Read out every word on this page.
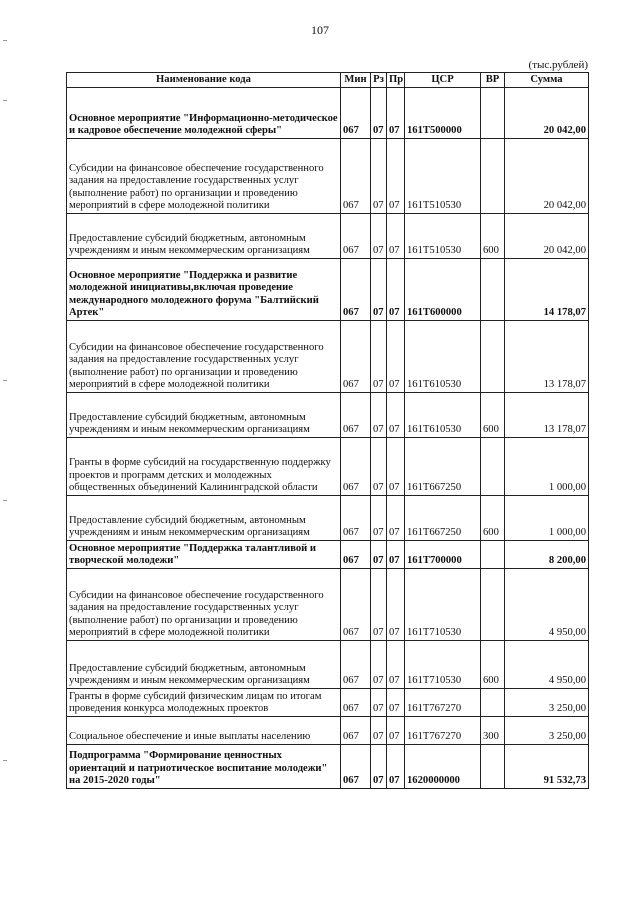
107
(тыс.рублей)
Наименование кода	Мин	Рз	Пр	ЦСР	ВР	Сумма
Основное мероприятие "Информационно-методическое и кадровое обеспечение молодежной сферы"	067	07	07	161Т500000		20 042,00
Субсидии на финансовое обеспечение государственного задания на предоставление государственных услуг (выполнение работ) по организации и проведению мероприятий в сфере молодежной политики	067	07	07	161Т510530		20 042,00
Предоставление субсидий бюджетным, автономным учреждениям и иным некоммерческим организациям	067	07	07	161Т510530	600	20 042,00
Основное мероприятие "Поддержка и развитие молодежной инициативы,включая проведение международного молодежного форума "Балтийский Артек"	067	07	07	161Т600000		14 178,07
Субсидии на финансовое обеспечение государственного задания на предоставление государственных услуг (выполнение работ) по организации и проведению мероприятий в сфере молодежной политики	067	07	07	161Т610530		13 178,07
Предоставление субсидий бюджетным, автономным учреждениям и иным некоммерческим организациям	067	07	07	161Т610530	600	13 178,07
Гранты в форме субсидий на государственную поддержку проектов и программ детских и молодежных общественных объединений Калининградской области	067	07	07	161Т667250		1 000,00
Предоставление субсидий бюджетным, автономным учреждениям и иным некоммерческим организациям	067	07	07	161Т667250	600	1 000,00
Основное мероприятие "Поддержка талантливой и творческой молодежи"	067	07	07	161Т700000		8 200,00
Субсидии на финансовое обеспечение государственного задания на предоставление государственных услуг (выполнение работ) по организации и проведению мероприятий в сфере молодежной политики	067	07	07	161Т710530		4 950,00
Предоставление субсидий бюджетным, автономным учреждениям и иным некоммерческим организациям	067	07	07	161Т710530	600	4 950,00
Гранты в форме субсидий физическим лицам по итогам проведения конкурса молодежных проектов	067	07	07	161Т767270		3 250,00
Социальное обеспечение и иные выплаты населению	067	07	07	161Т767270	300	3 250,00
Подпрограмма "Формирование ценностных ориентаций и патриотическое воспитание молодежи" на 2015-2020 годы"	067	07	07	1620000000		91 532,73
